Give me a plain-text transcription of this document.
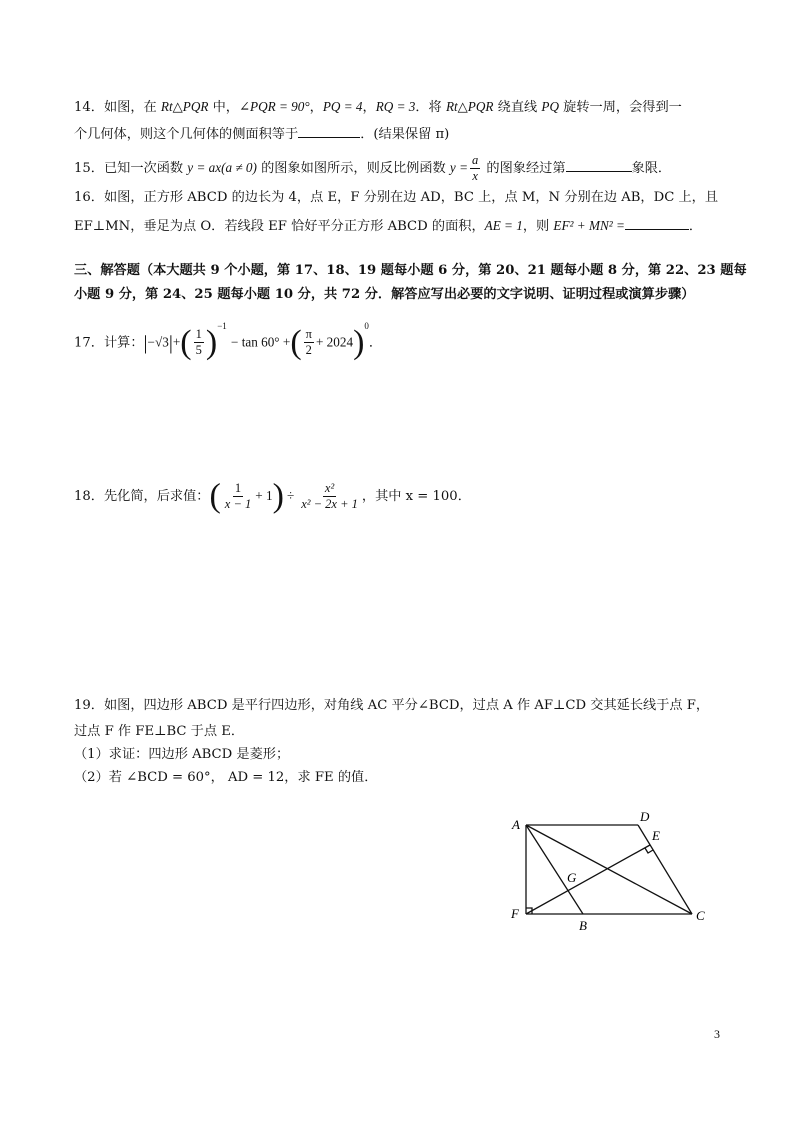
14．如图，在 Rt△PQR 中，∠PQR = 90°，PQ = 4，RQ = 3．将 Rt△PQR 绕直线 PQ 旋转一周，会得到一
个几何体，则这个几何体的侧面积等于	．(结果保留 π)
15．已知一次函数 y = ax(a ≠ 0) 的图象如图所示，则反比例函数 $y = \frac{a}{x}$ 的图象经过第	象限．
16．如图，正方形 ABCD 的边长为 4，点 E，F 分别在边 AD，BC 上，点 M，N 分别在边 AB，DC 上，且
EF⊥MN，垂足为点 O．若线段 EF 恰好平分正方形 ABCD 的面积，AE = 1，则 EF² + MN² =	．
三、解答题（本大题共 9 个小题，第 17、18、19 题每小题 6 分，第 20、21 题每小题 8 分，第 22、23 题每
小题 9 分，第 24、25 题每小题 10 分，共 72 分．解答应写出必要的文字说明、证明过程或演算步骤）
17．计算：$|-√3|+( \frac{1}{5} )^{-1} - \tan 60^\circ$ +( $\frac{\pi}{2} + 2024)^0$．
18．先化简，后求值：( $\frac{1}{x - 1} + 1) \div \frac{\text{x²}}{\text{x² − 2x + 1}}$ ，其中 x = 100．
19．如图，四边形 ABCD 是平行四边形，对角线 AC 平分∠BCD，过点 A 作 AF⊥CD 交其延长线于点 F，
过点 F 作 FE⊥BC 于点 E．
（1）求证：四边形 ABCD 是菱形；
（2）若 ∠BCD = 60°， AD = 12，求 FE 的值．
A
D
E
G
F
B
C
3
